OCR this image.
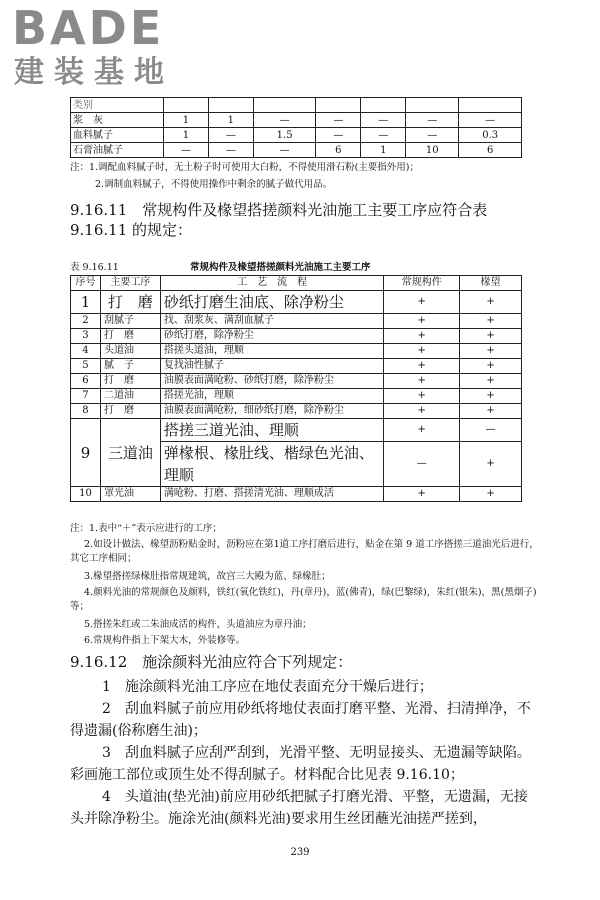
BADE
建装基地
类别							
浆　灰	1	1	—	—	—	—	—
血料腻子	1	—	1.5	—	—	—	0.3
石膏油腻子	—	—	—	6	1	10	6
注：1.调配血料腻子时，无土粉子时可使用大白粉，不得使用滑石粉(主要指外用)；
2.调制血料腻子，不得使用操作中剩余的腻子做代用品。
9.16.11　常规构件及椽望搭搓颜料光油施工主要工序应符合表 9.16.11 的规定：
表 9.16.11	常规构件及椽望搭搓颜料光油施工主要工序
序号	主要工序	工　艺　流　程	常规构件	椽望
1	打　磨	砂纸打磨生油底、除净粉尘	+	+
2	刮腻子	找、刮浆灰、满刮血腻子	+	+
3	打　磨	砂纸打磨，除净粉尘	+	+
4	头道油	搭搓头道油，理顺	+	+
5	腻　子	复找油性腻子	+	+
6	打　磨	油膜表面满呛粉、砂纸打磨，除净粉尘	+	+
7	二道油	搭搓光油，理顺	+	+
8	打　磨	油膜表面满呛粉，细砂纸打磨，除净粉尘	+	+
9	三道油	搭搓三道光油、理顺	+	—
		弹椽根、椽肚线、楷绿色光油、理顺	—	+
10	罩光油	满呛粉、打磨、搭搓清光油、理顺成活	+	+
注：1.表中“＋”表示应进行的工序；
2.如设计做法、椽望沥粉贴金时，沥粉应在第1道工序打磨后进行，贴金在第 9 道工序搭搓三道油光后进行，其它工序相同；
3.椽望搭搓绿椽肚指常规建筑，故宫三大殿为蓝、绿椽肚；
4.颜料光油的常规颜色及颜料，铁红(氧化铁红)，丹(章丹)，蓝(佛青)，绿(巴黎绿)，朱红(银朱)，黑(黑烟子)等；
5.搭搓朱红或二朱油成活的构件，头道油应为章丹油；
6.常规构件指上下架大木，外装修等。
9.16.12　施涂颜料光油应符合下列规定：
1　施涂颜料光油工序应在地仗表面充分干燥后进行；
2　刮血料腻子前应用砂纸将地仗表面打磨平整、光滑、扫清掸净，不得遗漏(俗称磨生油)；
3　刮血料腻子应刮严刮到，光滑平整、无明显接头、无遗漏等缺陷。彩画施工部位或顶生处不得刮腻子。材料配合比见表 9.16.10；
4　头道油(垫光油)前应用砂纸把腻子打磨光滑、平整，无遗漏，无接头并除净粉尘。施涂光油(颜料光油)要求用生丝团蘸光油搓严搓到，
239
